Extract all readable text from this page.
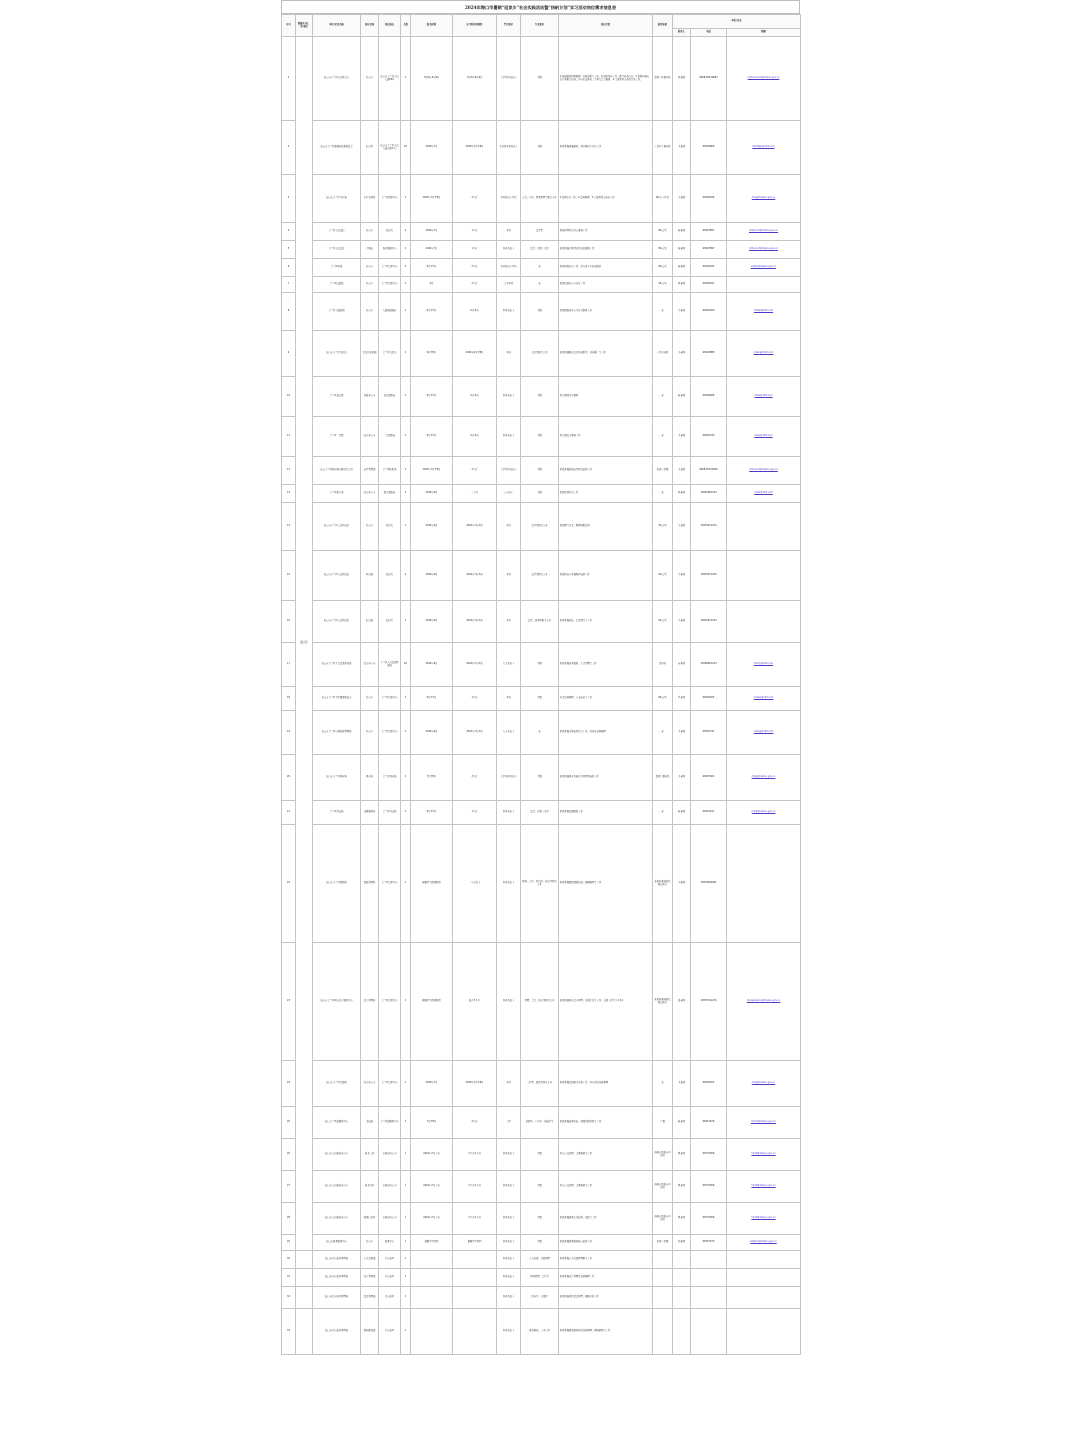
2024年海口市暑期“返家乡”社会实践活动暨“扬帆计划”实习活动岗位需求信息表
序号	辖属区(县、市)委区	单位/企业名称	岗位名称	岗位地点	人数	报名时间	实习时间(周数)	学历要求	专业要求	岗位介绍	薪资标准	单位/企业		
												联系人	电话	邮箱
1	美兰区	海口市美兰区妇女联合会	办公室	海口市美兰区人民大道58号	4	7月8日-8月9日	7月8日-8月9日	大学本科及以上	不限	1.辅助做好档案整理、资料收集等工作。2.协助宣传工作，撰写活动信息。3.协助开展妇女儿童相关活动，参与家庭教育、儿童关爱等服务。4.完成领导交办的其他工作。	提供工作餐补贴	林老师	0898-66520687	mlfnwomen@haikou.gov.cn
2		海口市美兰区发展和改革委员会	综合科	海口市美兰区人民大道行政中心	20	2024年7月	2024年7月至8月	全日制本科及以上	不限	协助开展发展规划、项目推进等日常工作	工作日午餐补贴	王老师	66526869	hkmlfgw@163.com
3		海口市美兰区审计局	审计业务科	美兰区政务中心	2	2024年7月至8月	2个月	本科及以上学历	会计、审计、财务管理等相关专业	1.协助审计工作；2.资料整理；3.完成领导交办的工作	60元/工作日	李老师	66528186	mlsjj@haikou.gov.cn
4		美兰区人民法院	办公室	院机关	2	2024年7月	1个月	本科	法学类	协助办理日常办公事务工作	80元/天	陈老师	66523897	mlfycourt@haikou.gov.cn
5		美兰区人民法院	立案庭	诉讼服务中心	2	2024年7月	1个月	本科及以上	法学、汉语言文学	协助开展立案登记及诉讼服务工作	80元/天	陈老师	66523897	mlfycourt@haikou.gov.cn
6		美兰区团委	办公室	美兰区行政中心	2	6月至7月	2个月	本科及以上学历	无	协助团委日常工作，参与青少年活动组织	60元/天	陈老师	66526225	mlqtw@haikou.gov.cn
7		美兰区民政局	办公室	美兰区行政中心	2	6月	2个月	大学本科	无	协助民政办公室日常工作	50元/天	林老师	66526611	
8		美兰区大致坡镇	办公室	大致坡镇政府	1	6月至7月	6月-8月	本科及以上	不限	协助镇政府办公室日常事务工作	无	吴老师	66563260	mldzp@163.com
9		海口市美兰区文化馆	文化馆业务部	美兰区文化馆	2	6月至8月	2024年6月至8月	本科	艺术类相关专业	协助开展群众文化活动组织、宣传推广等工作	工作日补贴	李老师	66524888	mlwhg@163.com
10		美兰区灵山镇	党政办公室	灵山镇政府	2	6月至7月	6月-8月	本科及以上	不限	参与镇村日常事务	无	陈老师	66566688	mllsz@163.com
11		美兰区三江镇	综合办公室	三江镇政府	2	6月至7月	6月-8月	本科及以上	不限	参与镇综合事务工作	无	王老师	66563330	mlsjz@163.com
12		海口美兰国际机场有限责任公司	运营管理部	美兰国际机场	2	2024年7月至8月	2个月	大学本科及以上	不限	协助开展机场运营相关辅助工作	提供工作餐	王老师	0898-65760000	mlairport@haikou.gov.cn
13		美兰区演丰镇	综合办公室	演丰镇政府	3	2024年6月	一个月	大专以上	不限	协助处理日常工作	无	林老师	13807681234	mlyfz@163.com
14		海口市美兰区人民检察院	办公室	院机关	1	2024年6月	2024年7月-8月	本科	法学类相关专业	协助撰写文书、整理档案资料	50元/天	吴老师	13876671234	
15		海口市美兰区人民检察院	检察部	院机关	2	2024年6月	2024年7月-8月	本科	法学类相关专业	协助检察官开展案件辅助工作	50元/天	吴老师	13876671234	
16		海口市美兰区人民检察院	综合部	院机关	1	2024年6月	2024年7月-8月	本科	法学、新闻类相关专业	协助开展宣传、信息撰写等工作	50元/天	吴老师	13876671234	
17		海口市美兰区人力资源开发局	综合办公室	美兰区人力资源开发局	20	2024年6月	2024年7月-8月	大专及以上	不限	协助开展就业服务、人才招聘等工作	见岗位	何老师	13698801234	mlrlzy@163.com
18		海口市美兰区卫生健康委员会	办公室	美兰区行政中心	2	6月至7月	1个月	本科	不限	负责资料整理、公文流转等工作	60元/天	严老师	66526555	mlwjw@163.com
19		海口市美兰区市场监督管理局	办公室	美兰区行政中心	2	2024年6月	2024年7月-8月	大专及以上	无	协助开展市场监管日常工作、宣传及资料整理	无	王老师	66525742	mlscjg@163.com
20		海口市美兰区教育局	教育科	美兰区教育局	2	7月至8月	2个月	大学本科及以上	不限	协助开展教育系统日常管理及辅助工作	提供午餐补贴	王老师	66525001	mljyj@haikou.gov.cn
21		美兰区司法局	法律服务科	美兰区司法局	2	6月至7月	1个月	本科及以上	法学、汉语言文学	协助开展法律服务工作	无	陈老师	66524411	mlsfj@haikou.gov.cn
22		海口市美兰区财政局	预算管理科	美兰区行政中心	1	根据学生假期时间	三个月以上	本科及以上	财务、会计、经济学、统计学相关专业	协助开展财政预算编制、数据整理等工作	补贴标准按相关规定执行	李老师	13876626681	
23		海口市美兰区国有资产事务中心	资产管理科	美兰区行政中心	1	根据学生假期时间	最少3个月	本科及以上	管理、会计、经济类相关专业	协助开展国有资产管理、资料汇总等工作，每周工作不少于3天	补贴标准按相关规定执行	张老师	13876761234	zhangxiaohui@haikou.gov.cn
24		海口市美兰区住建局	综合办公室	美兰区行政中心	1	2024年7月	2024年7月至8月	本科	工程类、建筑类相关专业	协助开展住建相关业务工作，参与项目资料整理	无	王老师	66526055	mlzjj@haikou.gov.cn
25		海口美兰区融媒体中心	采编部	美兰区融媒体中心	2	7月至8月	2个月	大学	新闻学、广告学、传播学等	协助开展新闻采编、视频拍摄剪辑等工作	午餐	陈老师	66512526	mlrmt@haikou.gov.cn
26		海口市人民政府办公室	秘书二科	市政府办公室	1	2024年7月上旬	不少于1个月	本科及以上	不限	参与公文处理、会务服务等工作	按规定发放实习补贴	曹老师	68722566	hkszf@haikou.gov.cn
27		海口市人民政府办公室	秘书六科	市政府办公室	1	2024年7月上旬	不少于1个月	本科及以上	不限	参与公文处理、会务服务等工作	按规定发放实习补贴	曹老师	68722566	hkszf@haikou.gov.cn
28		海口市人民政府办公室	政务信息科	市政府办公室	1	2024年7月上旬	不少于1个月	本科及以上	不限	协助开展政务信息收集、编报等工作	按规定发放实习补贴	曹老师	68722566	hkszf@haikou.gov.cn
29		海口市政务服务中心	办公室	政务中心	1	根据学生时间	根据学生时间	本科及以上	不限	协助开展政务服务窗口辅助工作	提供工作餐	刘老师	68722570	zwfwzx@haikou.gov.cn
30		海口市江东新区管理局	人力资源部	江东新区	1			本科及以上	人力资源、行政管理	协助开展人力资源管理相关工作				
31		海口市江东新区管理局	资产管理部	江东新区	1			本科及以上	财务管理、会计学	协助开展资产管理及资料整理工作				
32		海口市江东新区管理局	投资管理部	江东新区	1			本科及以上	经济学、金融学	协助开展项目投资管理、数据分析工作				
33		海口市江东新区管理局	规划建设部	江东新区	1			本科及以上	城乡规划、土木工程	协助开展规划建设项目资料整理、现场踏勘等工作				
